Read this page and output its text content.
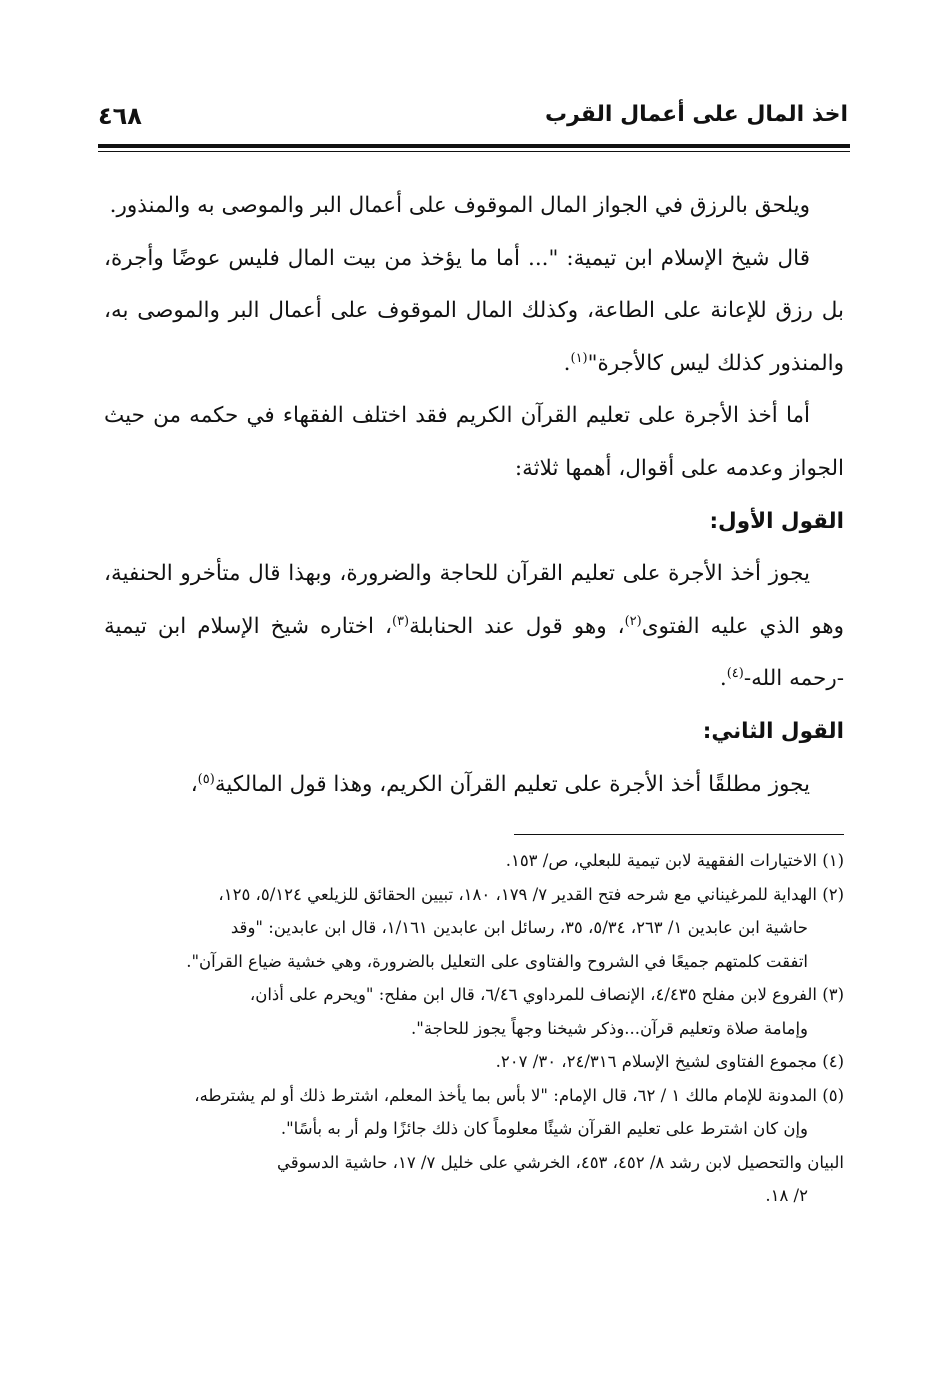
اخذ المال على أعمال القرب
٤٦٨

ويلحق بالرزق في الجواز المال الموقوف على أعمال البر والموصى به والمنذور.

قال شيخ الإسلام ابن تيمية: "... أما ما يؤخذ من بيت المال فليس عوضًا وأجرة، بل رزق للإعانة على الطاعة، وكذلك المال الموقوف على أعمال البر والموصى به، والمنذور كذلك ليس كالأجرة"$^{(١)}$.

أما أخذ الأجرة على تعليم القرآن الكريم فقد اختلف الفقهاء في حكمه من حيث الجواز وعدمه على أقوال، أهمها ثلاثة:

القول الأول:

يجوز أخذ الأجرة على تعليم القرآن للحاجة والضرورة، وبهذا قال متأخرو الحنفية، وهو الذي عليه الفتوى$^{(٢)}$، وهو قول عند الحنابلة$^{(٣)}$، اختاره شيخ الإسلام ابن تيمية -رحمه الله-$^{(٤)}$.

القول الثاني:

يجوز مطلقًا أخذ الأجرة على تعليم القرآن الكريم، وهذا قول المالكية$^{(٥)}$،

(١) الاختيارات الفقهية لابن تيمية للبعلي، ص/ ١٥٣.

(٢) الهداية للمرغيناني مع شرحه فتح القدير ٧/ ١٧٩، ١٨٠، تبيين الحقائق للزيلعي ٥/١٢٤، ١٢٥،

حاشية ابن عابدين ١/ ٢٦٣، ٥/٣٤، ٣٥، رسائل ابن عابدين ١/١٦١، قال ابن عابدين: "وقد

اتفقت كلمتهم جميعًا في الشروح والفتاوى على التعليل بالضرورة، وهي خشية ضياع القرآن".

(٣) الفروع لابن مفلح ٤/٤٣٥، الإنصاف للمرداوي ٦/٤٦، قال ابن مفلح: "ويحرم على أذان،

وإمامة صلاة وتعليم قرآن...وذكر شيخنا وجهاً يجوز للحاجة".

(٤) مجموع الفتاوى لشيخ الإسلام ٢٤/٣١٦، ٣٠/ ٢٠٧.

(٥) المدونة للإمام مالك ١ / ٦٢، قال الإمام: "لا بأس بما يأخذ المعلم، اشترط ذلك أو لم يشترطه،

وإن كان اشترط على تعليم القرآن شيئًا معلوماً كان ذلك جائزًا ولم أر به بأسًا".

البيان والتحصيل لابن رشد ٨/ ٤٥٢، ٤٥٣، الخرشي على خليل ٧/ ١٧، حاشية الدسوقي

٢/ ١٨.
